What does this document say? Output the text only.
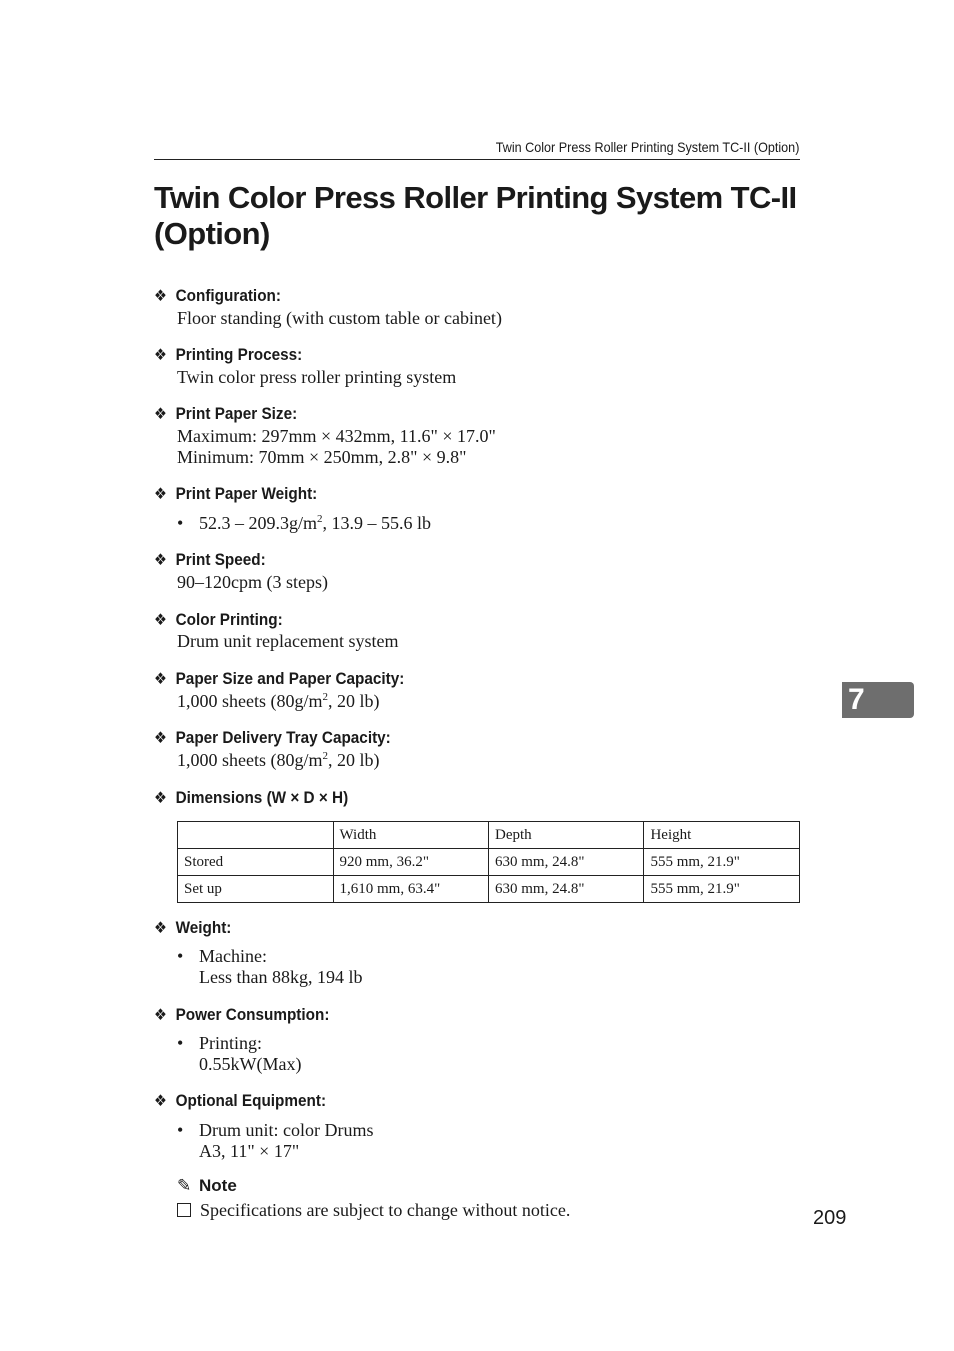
Twin Color Press Roller Printing System TC-II (Option)
Twin Color Press Roller Printing System TC-II (Option)
❖ Configuration:
Floor standing (with custom table or cabinet)
❖ Printing Process:
Twin color press roller printing system
❖ Print Paper Size:
Maximum: 297mm × 432mm, 11.6" × 17.0"
Minimum: 70mm × 250mm, 2.8" × 9.8"
❖ Print Paper Weight:
• $52.3 - 209.3g/m^2$, 13.9 – 55.6 lb
❖ Print Speed:
90–120cpm (3 steps)
❖ Color Printing:
Drum unit replacement system
❖ Paper Size and Paper Capacity:
1,000 sheets ($80g/m^2$, 20 lb)
❖ Paper Delivery Tray Capacity:
1,000 sheets ($80g/m^2$, 20 lb)
❖ Dimensions (W × D × H)
	Width	Depth	Height
Stored	920 mm, 36.2"	630 mm, 24.8"	555 mm, 21.9"
Set up	1,610 mm, 63.4"	630 mm, 24.8"	555 mm, 21.9"
❖ Weight:
• Machine:
Less than 88kg, 194 lb
❖ Power Consumption:
• Printing:
0.55kW(Max)
❖ Optional Equipment:
• Drum unit: color Drums
A3, 11" × 17"
✎ Note
Specifications are subject to change without notice.
7
209
